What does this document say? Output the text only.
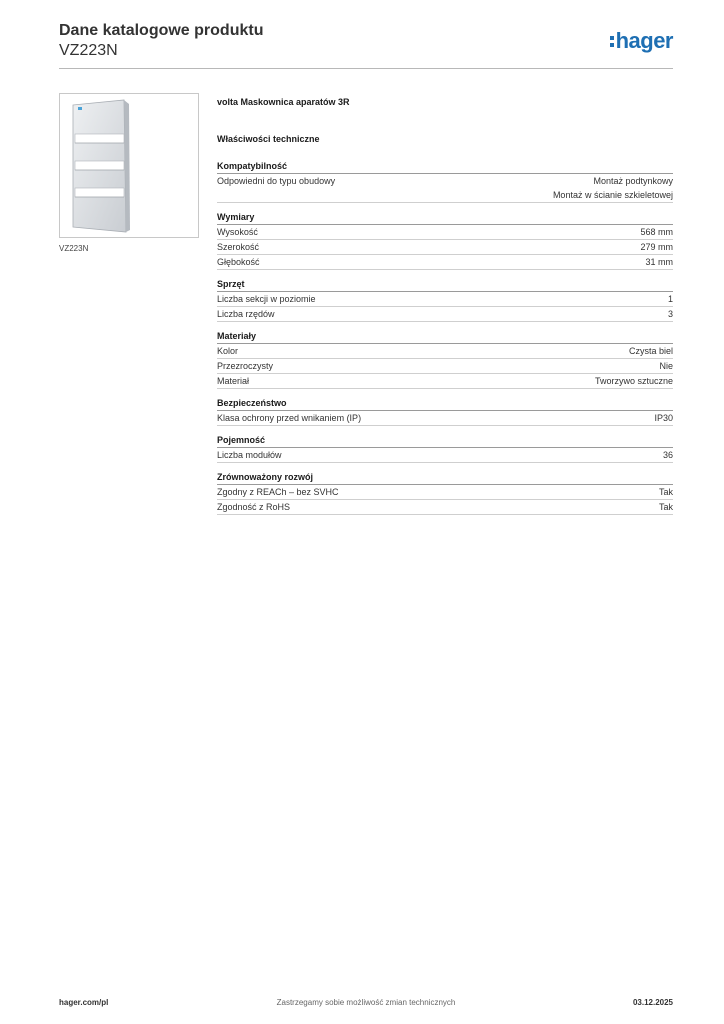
Dane katalogowe produktu

VZ223N	hager
VZ223N

volta Maskownica aparatów 3R

Właściwości techniczne

Kompatybilność
Odpowiedni do typu obudowy	Montaż podtynkowy
Montaż w ścianie szkieletowej
Wymiary
Wysokość	568 mm
Szerokość	279 mm
Głębokość	31 mm
Sprzęt
Liczba sekcji w poziomie	1
Liczba rzędów	3
Materiały
Kolor	Czysta biel
Przezroczysty	Nie
Materiał	Tworzywo sztuczne
Bezpieczeństwo
Klasa ochrony przed wnikaniem (IP)	IP30
Pojemność
Liczba modułów	36
Zrównoważony rozwój
Zgodny z REACh – bez SVHC	Tak
Zgodność z RoHS	Tak
hager.com/pl	Zastrzegamy sobie możliwość zmian technicznych	03.12.2025
